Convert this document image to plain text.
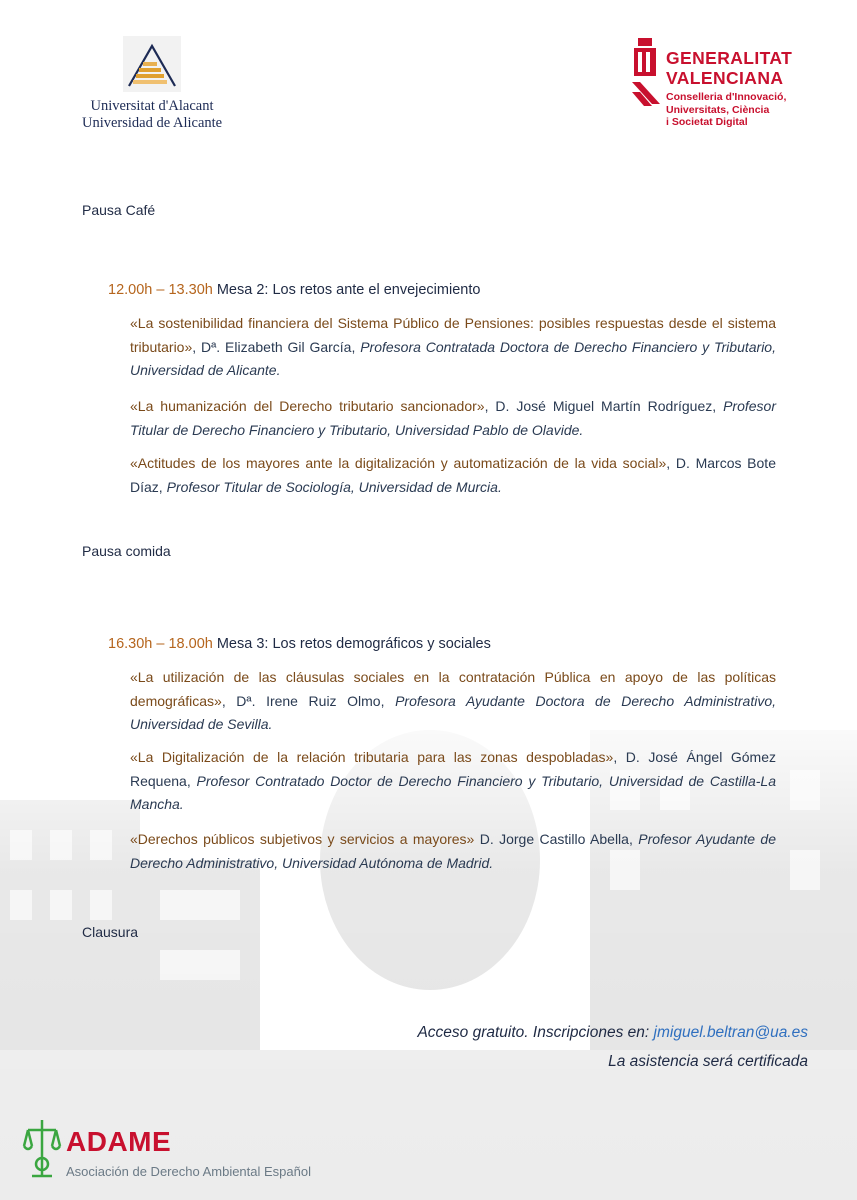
Universitat d'Alacant
Universidad de Alicante
GENERALITAT
VALENCIANA
Conselleria d'Innovació,
Universitats, Ciència
i Societat Digital
Pausa Café
12.00h – 13.30h Mesa 2: Los retos ante el envejecimiento
«La sostenibilidad financiera del Sistema Público de Pensiones: posibles respuestas desde el sistema tributario», Dª. Elizabeth Gil García, Profesora Contratada Doctora de Derecho Financiero y Tributario, Universidad de Alicante.
«La humanización del Derecho tributario sancionador», D. José Miguel Martín Rodríguez, Profesor Titular de Derecho Financiero y Tributario, Universidad Pablo de Olavide.
«Actitudes de los mayores ante la digitalización y automatización de la vida social», D. Marcos Bote Díaz, Profesor Titular de Sociología, Universidad de Murcia.
Pausa comida
16.30h – 18.00h Mesa 3: Los retos demográficos y sociales
«La utilización de las cláusulas sociales en la contratación Pública en apoyo de las políticas demográficas», Dª. Irene Ruiz Olmo, Profesora Ayudante Doctora de Derecho Administrativo, Universidad de Sevilla.
«La Digitalización de la relación tributaria para las zonas despobladas», D. José Ángel Gómez Requena, Profesor Contratado Doctor de Derecho Financiero y Tributario, Universidad de Castilla-La Mancha.
«Derechos públicos subjetivos y servicios a mayores» D. Jorge Castillo Abella, Profesor Ayudante de Derecho Administrativo, Universidad Autónoma de Madrid.
Clausura
Acceso gratuito. Inscripciones en: jmiguel.beltran@ua.es
La asistencia será certificada
ADAME
Asociación de Derecho Ambiental Español
